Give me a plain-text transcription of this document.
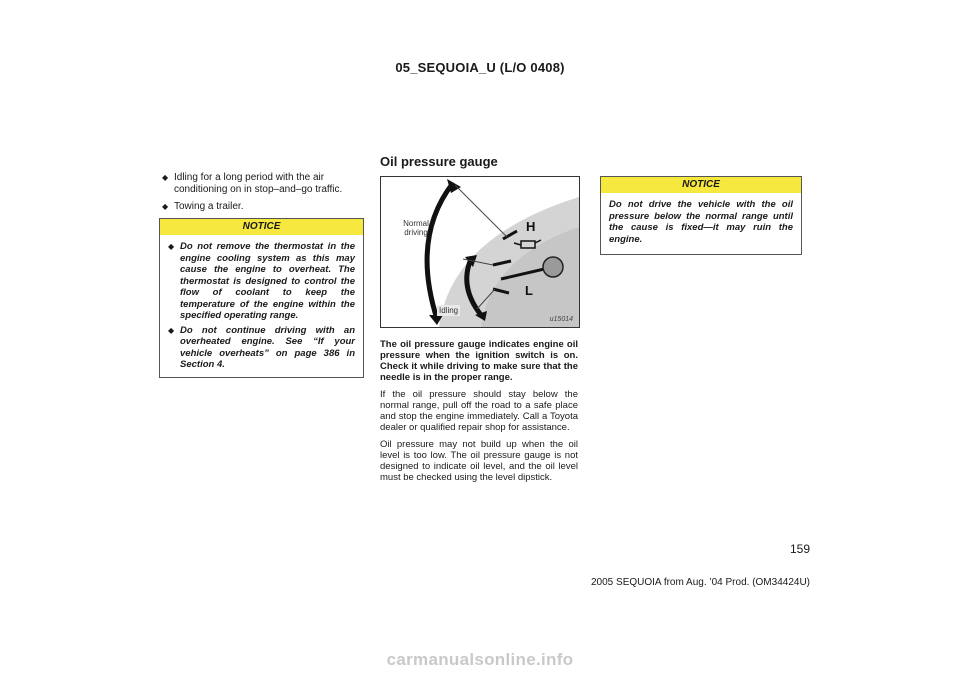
05_SEQUOIA_U (L/O 0408)
◆ Idling for a long period with the air conditioning on in stop–and–go traffic.
◆ Towing a trailer.
NOTICE
◆ Do not remove the thermostat in the engine cooling system as this may cause the engine to overheat. The thermostat is designed to control the flow of coolant to keep the temperature of the engine within the specified operating range.
◆ Do not continue driving with an overheated engine. See “If your vehicle overheats” on page 386 in Section 4.
Oil pressure gauge
H
L
Normal driving
Idling
u15014

The oil pressure gauge indicates engine oil pressure when the ignition switch is on. Check it while driving to make sure that the needle is in the proper range.

If the oil pressure should stay below the normal range, pull off the road to a safe place and stop the engine immediately. Call a Toyota dealer or qualified repair shop for assistance.

Oil pressure may not build up when the oil level is too low. The oil pressure gauge is not designed to indicate oil level, and the oil level must be checked using the level dipstick.

NOTICE
Do not drive the vehicle with the oil pressure below the normal range until the cause is fixed—it may ruin the engine.
159
2005 SEQUOIA from Aug. ’04 Prod. (OM34424U)
carmanualsonline.info
